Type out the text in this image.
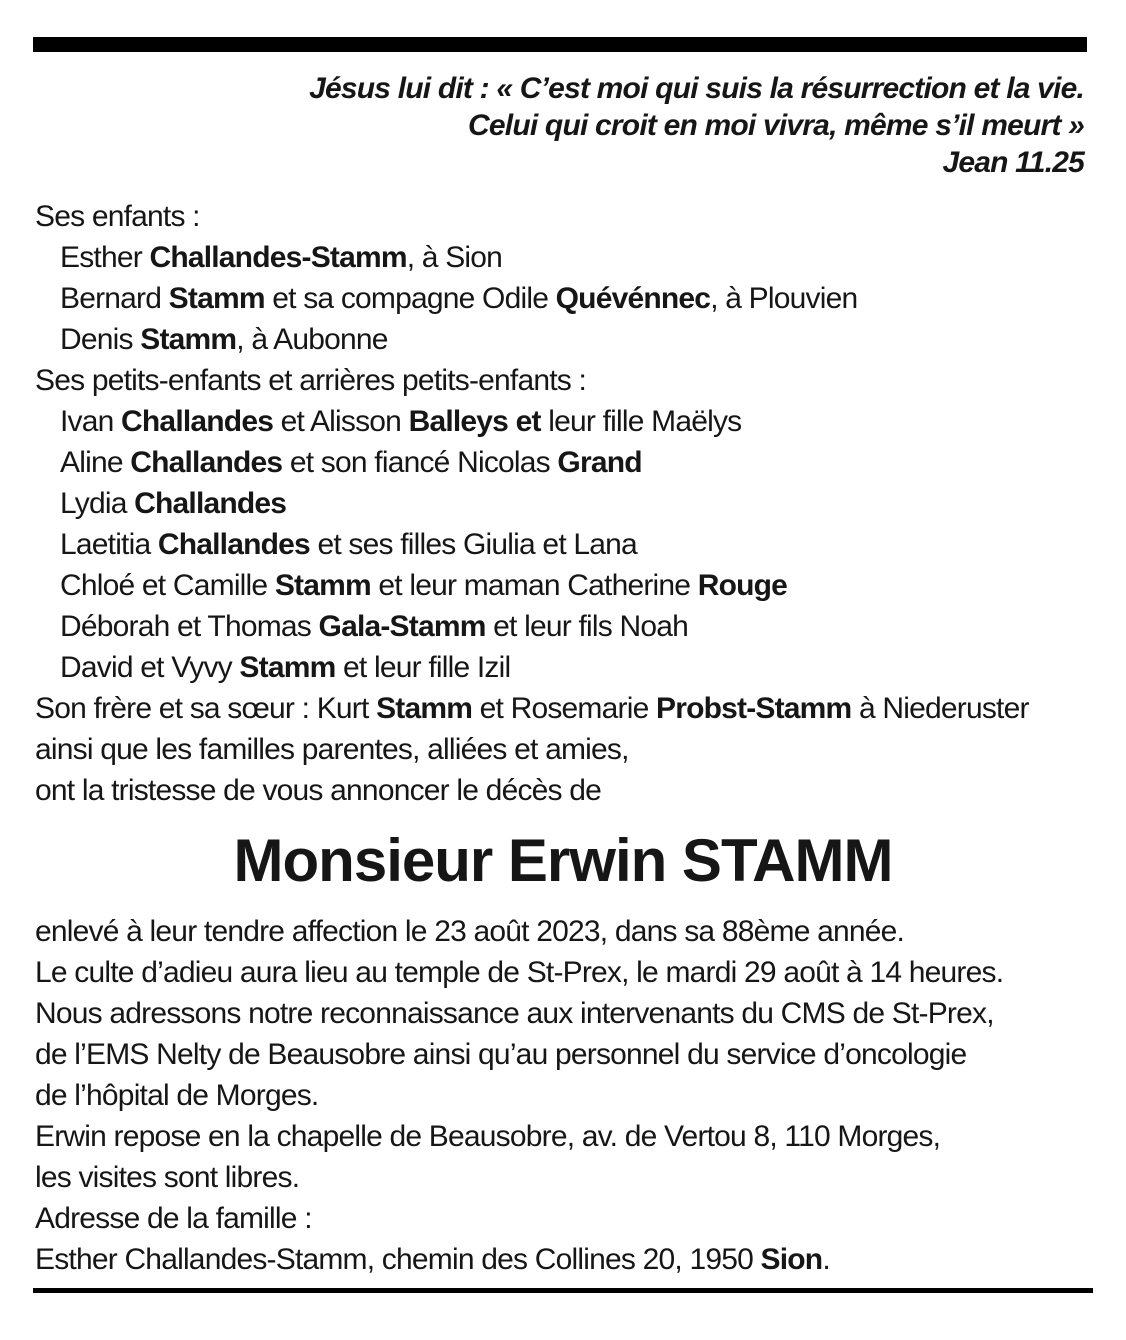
Jésus lui dit : « C’est moi qui suis la résurrection et la vie.
Celui qui croit en moi vivra, même s’il meurt »
Jean 11.25
Ses enfants :
Esther Challandes-Stamm, à Sion
Bernard Stamm et sa compagne Odile Quévénnec, à Plouvien
Denis Stamm, à Aubonne
Ses petits-enfants et arrières petits-enfants :
Ivan Challandes et Alisson Balleys et leur fille Maëlys
Aline Challandes et son fiancé Nicolas Grand
Lydia Challandes
Laetitia Challandes et ses filles Giulia et Lana
Chloé et Camille Stamm et leur maman Catherine Rouge
Déborah et Thomas Gala-Stamm et leur fils Noah
David et Vyvy Stamm et leur fille Izil
Son frère et sa sœur : Kurt Stamm et Rosemarie Probst-Stamm à Niederuster
ainsi que les familles parentes, alliées et amies,
ont la tristesse de vous annoncer le décès de
Monsieur Erwin STAMM
enlevé à leur tendre affection le 23 août 2023, dans sa 88ème année.
Le culte d’adieu aura lieu au temple de St-Prex, le mardi 29 août à 14 heures.
Nous adressons notre reconnaissance aux intervenants du CMS de St-Prex,
de l’EMS Nelty de Beausobre ainsi qu’au personnel du service d’oncologie
de l’hôpital de Morges.
Erwin repose en la chapelle de Beausobre, av. de Vertou 8, 110 Morges,
les visites sont libres.
Adresse de la famille :
Esther Challandes-Stamm, chemin des Collines 20, 1950 Sion.
